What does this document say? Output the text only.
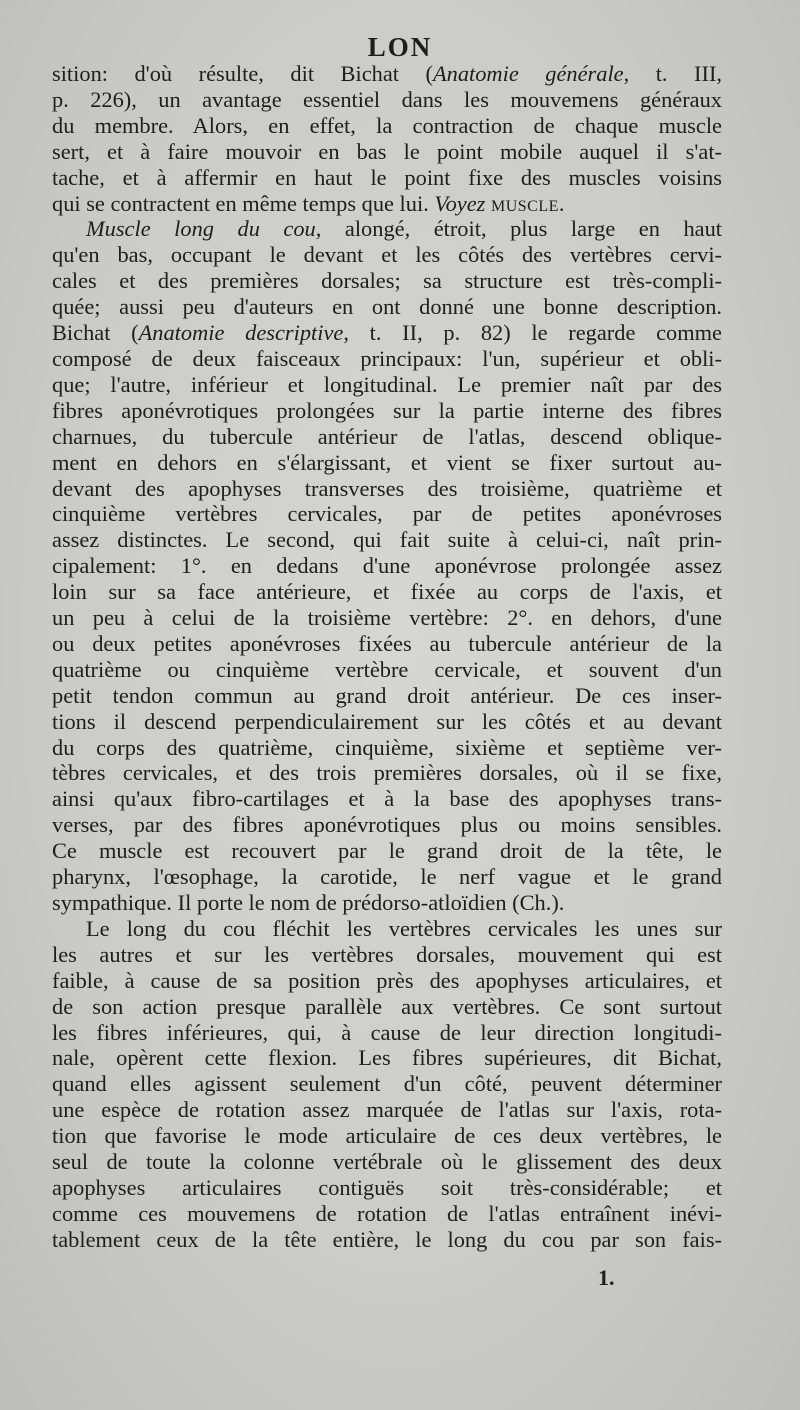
LON
sition: d'où résulte, dit Bichat (Anatomie générale, t. III,
p. 226), un avantage essentiel dans les mouvemens généraux
du membre. Alors, en effet, la contraction de chaque muscle
sert, et à faire mouvoir en bas le point mobile auquel il s'at-
tache, et à affermir en haut le point fixe des muscles voisins
qui se contractent en même temps que lui. Voyez muscle.
Muscle long du cou, alongé, étroit, plus large en haut
qu'en bas, occupant le devant et les côtés des vertèbres cervi-
cales et des premières dorsales; sa structure est très-compli-
quée; aussi peu d'auteurs en ont donné une bonne description.
Bichat (Anatomie descriptive, t. II, p. 82) le regarde comme
composé de deux faisceaux principaux: l'un, supérieur et obli-
que; l'autre, inférieur et longitudinal. Le premier naît par des
fibres aponévrotiques prolongées sur la partie interne des fibres
charnues, du tubercule antérieur de l'atlas, descend oblique-
ment en dehors en s'élargissant, et vient se fixer surtout au-
devant des apophyses transverses des troisième, quatrième et
cinquième vertèbres cervicales, par de petites aponévroses
assez distinctes. Le second, qui fait suite à celui-ci, naît prin-
cipalement: 1°. en dedans d'une aponévrose prolongée assez
loin sur sa face antérieure, et fixée au corps de l'axis, et
un peu à celui de la troisième vertèbre: 2°. en dehors, d'une
ou deux petites aponévroses fixées au tubercule antérieur de la
quatrième ou cinquième vertèbre cervicale, et souvent d'un
petit tendon commun au grand droit antérieur. De ces inser-
tions il descend perpendiculairement sur les côtés et au devant
du corps des quatrième, cinquième, sixième et septième ver-
tèbres cervicales, et des trois premières dorsales, où il se fixe,
ainsi qu'aux fibro-cartilages et à la base des apophyses trans-
verses, par des fibres aponévrotiques plus ou moins sensibles.
Ce muscle est recouvert par le grand droit de la tête, le
pharynx, l'œsophage, la carotide, le nerf vague et le grand
sympathique. Il porte le nom de prédorso-atloïdien (Ch.).
Le long du cou fléchit les vertèbres cervicales les unes sur
les autres et sur les vertèbres dorsales, mouvement qui est
faible, à cause de sa position près des apophyses articulaires, et
de son action presque parallèle aux vertèbres. Ce sont surtout
les fibres inférieures, qui, à cause de leur direction longitudi-
nale, opèrent cette flexion. Les fibres supérieures, dit Bichat,
quand elles agissent seulement d'un côté, peuvent déterminer
une espèce de rotation assez marquée de l'atlas sur l'axis, rota-
tion que favorise le mode articulaire de ces deux vertèbres, le
seul de toute la colonne vertébrale où le glissement des deux
apophyses articulaires contiguës soit très-considérable; et
comme ces mouvemens de rotation de l'atlas entraînent inévi-
tablement ceux de la tête entière, le long du cou par son fais-
1.
